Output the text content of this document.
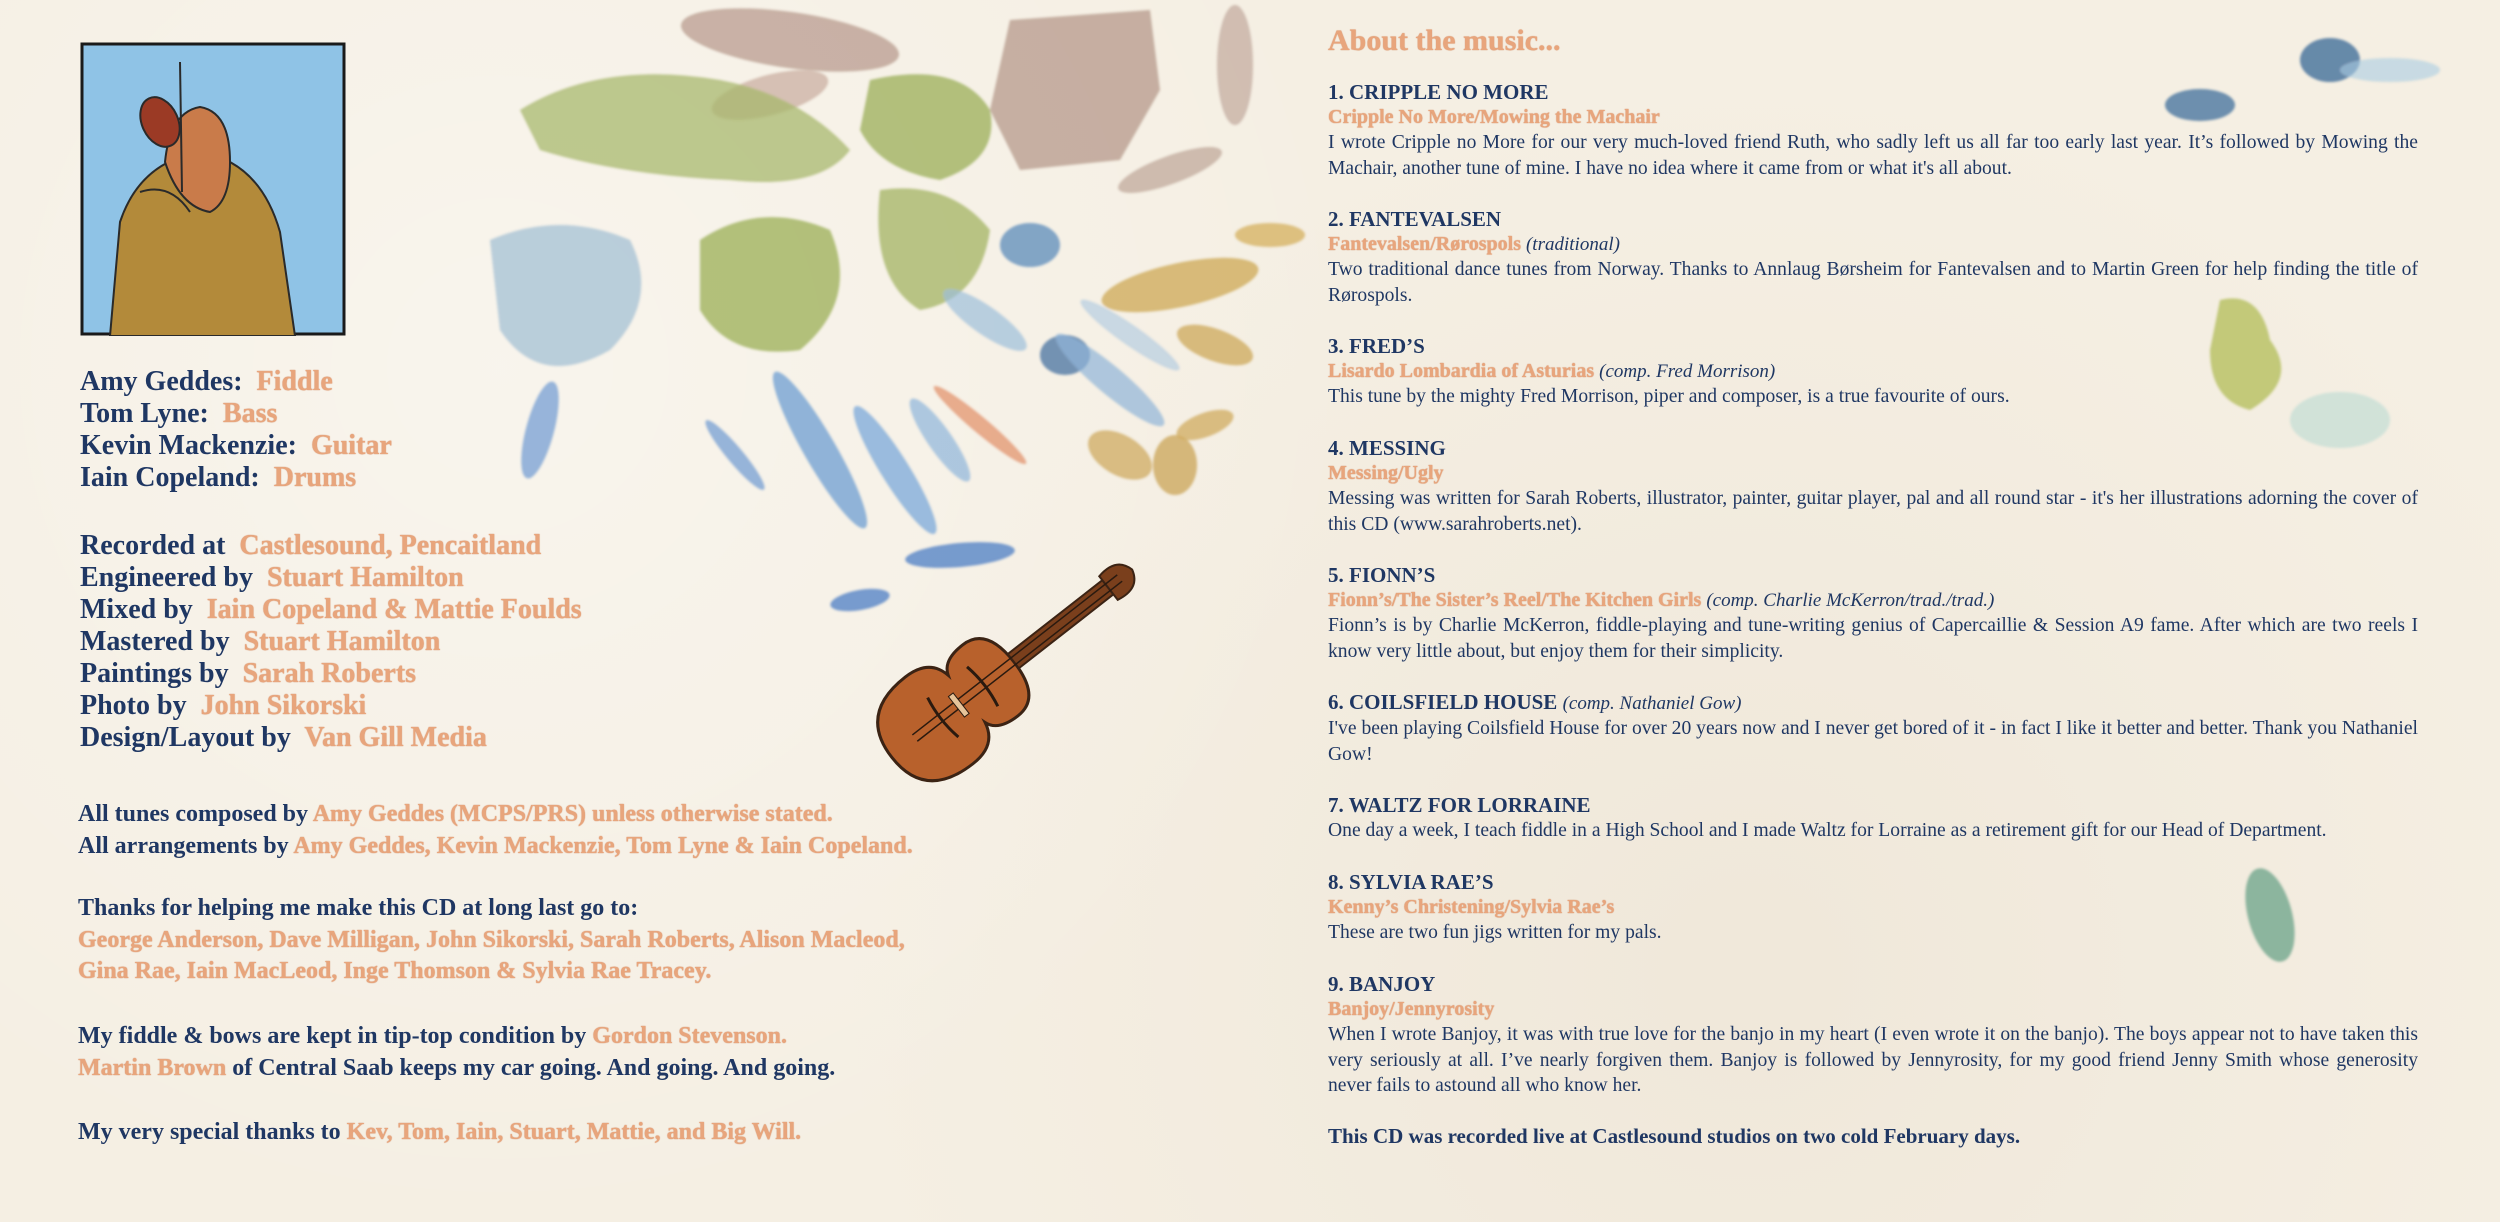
Amy Geddes: Fiddle
Tom Lyne: Bass
Kevin Mackenzie: Guitar
Iain Copeland: Drums
Recorded at Castlesound, Pencaitland
Engineered by Stuart Hamilton
Mixed by Iain Copeland & Mattie Foulds
Mastered by Stuart Hamilton
Paintings by Sarah Roberts
Photo by John Sikorski
Design/Layout by Van Gill Media
All tunes composed by Amy Geddes (MCPS/PRS) unless otherwise stated.
All arrangements by Amy Geddes, Kevin Mackenzie, Tom Lyne & Iain Copeland.
Thanks for helping me make this CD at long last go to:
George Anderson, Dave Milligan, John Sikorski, Sarah Roberts, Alison Macleod,
Gina Rae, Iain MacLeod, Inge Thomson & Sylvia Rae Tracey.
My fiddle & bows are kept in tip-top condition by Gordon Stevenson.
Martin Brown of Central Saab keeps my car going. And going. And going.
My very special thanks to Kev, Tom, Iain, Stuart, Mattie, and Big Will.
About the music...
1. CRIPPLE NO MORE
Cripple No More/Mowing the Machair
I wrote Cripple no More for our very much-loved friend Ruth, who sadly left us all far too early last year. It’s followed by Mowing the Machair, another tune of mine. I have no idea where it came from or what it's all about.
2. FANTEVALSEN
Fantevalsen/Rørospols (traditional)
Two traditional dance tunes from Norway. Thanks to Annlaug Børsheim for Fantevalsen and to Martin Green for help finding the title of Rørospols.
3. FRED’S
Lisardo Lombardia of Asturias (comp. Fred Morrison)
This tune by the mighty Fred Morrison, piper and composer, is a true favourite of ours.
4. MESSING
Messing/Ugly
Messing was written for Sarah Roberts, illustrator, painter, guitar player, pal and all round star - it's her illustrations adorning the cover of this CD (www.sarahroberts.net).
5. FIONN’S
Fionn’s/The Sister’s Reel/The Kitchen Girls (comp. Charlie McKerron/trad./trad.)
Fionn’s is by Charlie McKerron, fiddle-playing and tune-writing genius of Capercaillie & Session A9 fame. After which are two reels I know very little about, but enjoy them for their simplicity.
6. COILSFIELD HOUSE (comp. Nathaniel Gow)
I've been playing Coilsfield House for over 20 years now and I never get bored of it - in fact I like it better and better. Thank you Nathaniel Gow!
7. WALTZ FOR LORRAINE
One day a week, I teach fiddle in a High School and I made Waltz for Lorraine as a retirement gift for our Head of Department.
8. SYLVIA RAE’S
Kenny’s Christening/Sylvia Rae’s
These are two fun jigs written for my pals.
9. BANJOY
Banjoy/Jennyrosity
When I wrote Banjoy, it was with true love for the banjo in my heart (I even wrote it on the banjo). The boys appear not to have taken this very seriously at all. I’ve nearly forgiven them. Banjoy is followed by Jennyrosity, for my good friend Jenny Smith whose generosity never fails to astound all who know her.
This CD was recorded live at Castlesound studios on two cold February days.
